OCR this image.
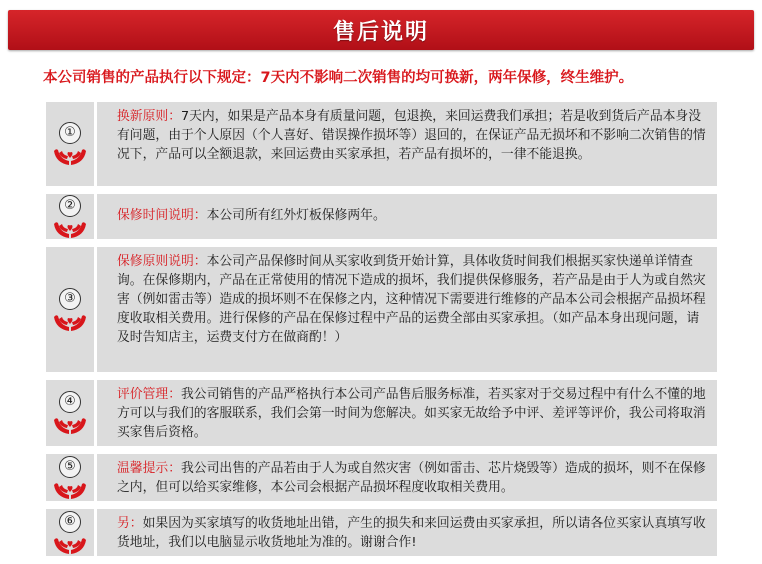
售后说明
本公司销售的产品执行以下规定：7天内不影响二次销售的均可换新，两年保修，终生维护。
①
换新原则：7天内，如果是产品本身有质量问题，包退换，来回运费我们承担；若是收到货后产品本身没有问题，由于个人原因（个人喜好、错误操作损坏等）退回的，在保证产品无损坏和不影响二次销售的情况下，产品可以全额退款，来回运费由买家承担，若产品有损坏的，一律不能退换。
②
保修时间说明：本公司所有红外灯板保修两年。
③
保修原则说明：本公司产品保修时间从买家收到货开始计算，具体收货时间我们根据买家快递单详情查询。在保修期内，产品在正常使用的情况下造成的损坏，我们提供保修服务，若产品是由于人为或自然灾害（例如雷击等）造成的损坏则不在保修之内，这种情况下需要进行维修的产品本公司会根据产品损坏程度收取相关费用。进行保修的产品在保修过程中产品的运费全部由买家承担。（如产品本身出现问题，请及时告知店主，运费支付方在做商酌！）
④	评价管理：我公司销售的产品严格执行本公司产品售后服务标准，若买家对于交易过程中有什么不懂的地方可以与我们的客服联系，我们会第一时间为您解决。如买家无故给予中评、差评等评价，我公司将取消买家售后资格。
⑤	温馨提示：我公司出售的产品若由于人为或自然灾害（例如雷击、芯片烧毁等）造成的损坏，则不在保修之内，但可以给买家维修，本公司会根据产品损坏程度收取相关费用。
⑥	另：如果因为买家填写的收货地址出错，产生的损失和来回运费由买家承担，所以请各位买家认真填写收货地址，我们以电脑显示收货地址为准的。谢谢合作!
